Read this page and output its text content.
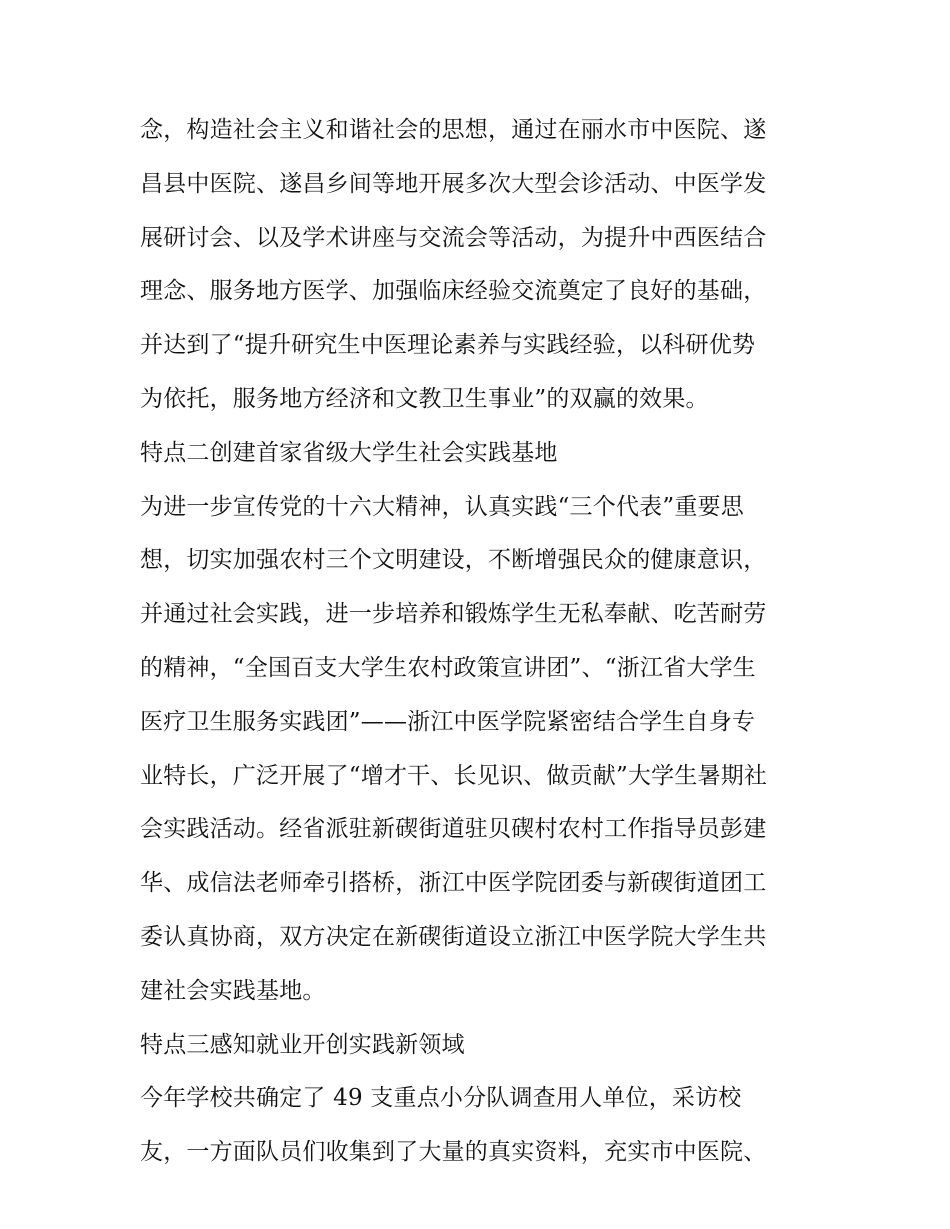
念，构造社会主义和谐社会的思想，通过在丽水市中医院、遂
昌县中医院、遂昌乡间等地开展多次大型会诊活动、中医学发
展研讨会、以及学术讲座与交流会等活动，为提升中西医结合
理念、服务地方医学、加强临床经验交流奠定了良好的基础，
并达到了“提升研究生中医理论素养与实践经验，以科研优势
为依托，服务地方经济和文教卫生事业”的双赢的效果。
特点二创建首家省级大学生社会实践基地
为进一步宣传党的十六大精神，认真实践“三个代表”重要思
想，切实加强农村三个文明建设，不断增强民众的健康意识，
并通过社会实践，进一步培养和锻炼学生无私奉献、吃苦耐劳
的精神，“全国百支大学生农村政策宣讲团”、“浙江省大学生
医疗卫生服务实践团”——浙江中医学院紧密结合学生自身专
业特长，广泛开展了“增才干、长见识、做贡献”大学生暑期社
会实践活动。经省派驻新碶街道驻贝碶村农村工作指导员彭建
华、成信法老师牵引搭桥，浙江中医学院团委与新碶街道团工
委认真协商，双方决定在新碶街道设立浙江中医学院大学生共
建社会实践基地。
特点三感知就业开创实践新领域
今年学校共确定了 49 支重点小分队调查用人单位，采访校
友，一方面队员们收集到了大量的真实资料，充实市中医院、
